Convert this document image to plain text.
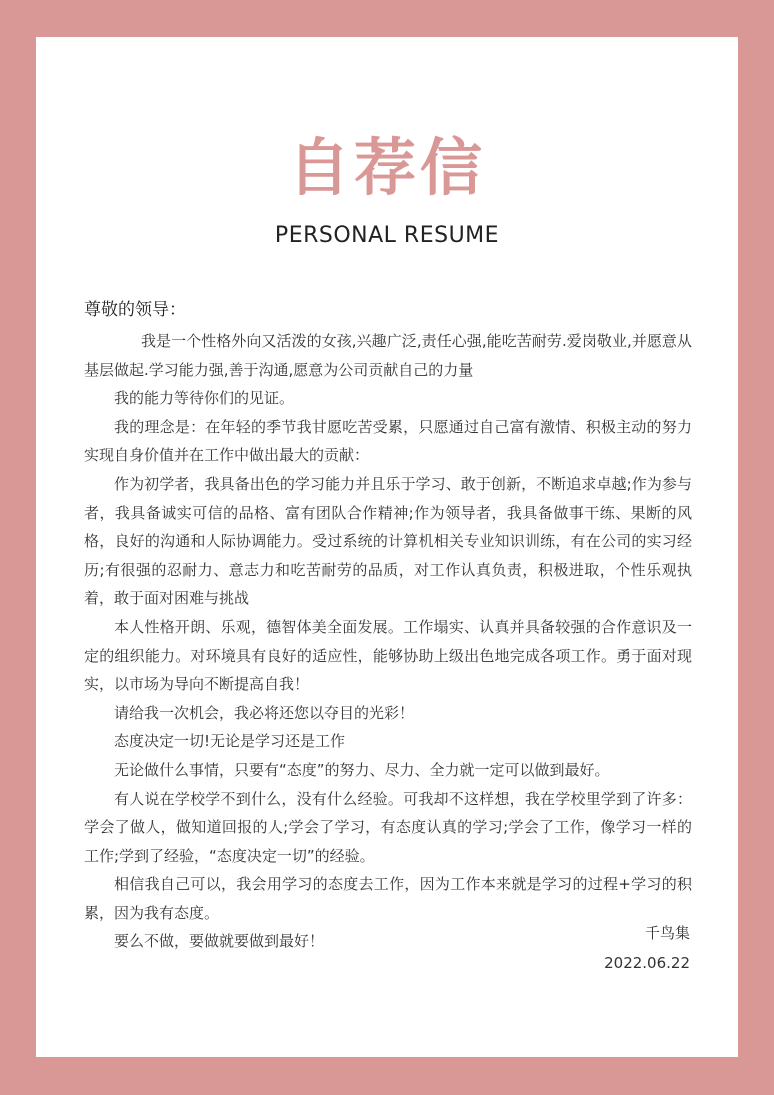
自荐信
PERSONAL RESUME

尊敬的领导：

我是一个性格外向又活泼的女孩,兴趣广泛,责任心强,能吃苦耐劳.爱岗敬业,并愿意从基层做起.学习能力强,善于沟通,愿意为公司贡献自己的力量

我的能力等待你们的见证。

我的理念是：在年轻的季节我甘愿吃苦受累，只愿通过自己富有激情、积极主动的努力实现自身价值并在工作中做出最大的贡献：

作为初学者，我具备出色的学习能力并且乐于学习、敢于创新，不断追求卓越;作为参与者，我具备诚实可信的品格、富有团队合作精神;作为领导者，我具备做事干练、果断的风格，良好的沟通和人际协调能力。受过系统的计算机相关专业知识训练，有在公司的实习经历;有很强的忍耐力、意志力和吃苦耐劳的品质，对工作认真负责，积极进取，个性乐观执着，敢于面对困难与挑战

本人性格开朗、乐观，德智体美全面发展。工作塌实、认真并具备较强的合作意识及一定的组织能力。对环境具有良好的适应性，能够协助上级出色地完成各项工作。勇于面对现实，以市场为导向不断提高自我！

请给我一次机会，我必将还您以夺目的光彩！

态度决定一切!无论是学习还是工作

无论做什么事情，只要有“态度”的努力、尽力、全力就一定可以做到最好。

有人说在学校学不到什么，没有什么经验。可我却不这样想，我在学校里学到了许多：学会了做人，做知道回报的人;学会了学习，有态度认真的学习;学会了工作，像学习一样的工作;学到了经验，“态度决定一切”的经验。

相信我自己可以，我会用学习的态度去工作，因为工作本来就是学习的过程+学习的积累，因为我有态度。

要么不做，要做就要做到最好！	千鸟集
2022.06.22
